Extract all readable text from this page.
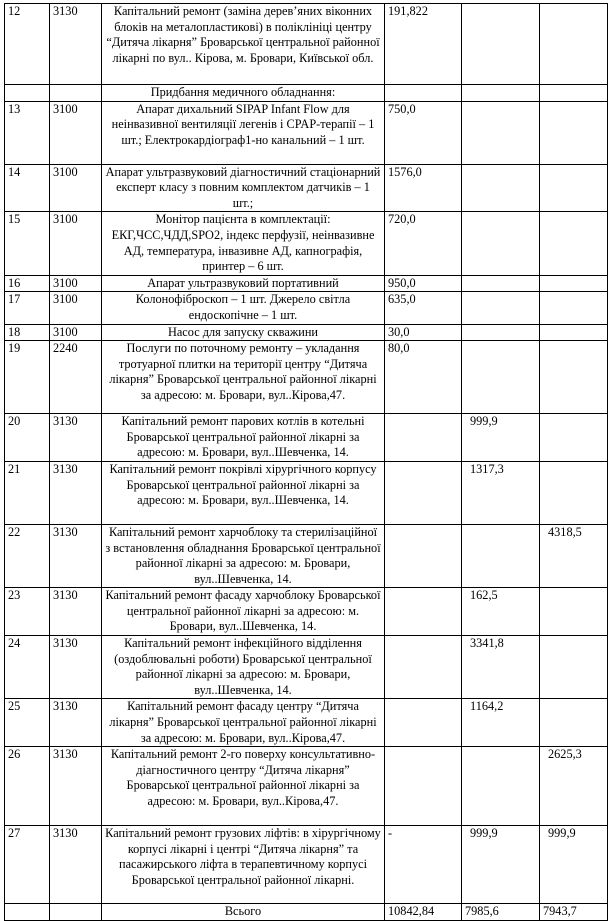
12	3130	Капітальний ремонт (заміна дерев’яних віконних блоків на металопластикові) в поліклініці центру “Дитяча лікарня” Броварської центральної районної лікарні по вул.. Кірова, м. Бровари, Київської обл.	191,822		
		Придбання медичного обладнання:			
13	3100	Апарат дихальний SIPAP Infant Flow для неінвазивної вентиляції легенів і CPAP-терапії – 1 шт.; Електрокардіограф1-но канальний – 1 шт.	750,0		
14	3100	Апарат ультразвуковий діагностичний стаціонарний експерт класу з повним комплектом датчиків – 1 шт.;	1576,0		
15	3100	Монітор пацієнта в комплектації: ЕКГ,ЧСС,ЧДД,SPO2, індекс перфузії, неінвазивне АД, температура, інвазивне АД, капнографія, принтер – 6 шт.	720,0		
16	3100	Апарат ультразвуковий портативний	950,0		
17	3100	Колонофіброскоп – 1 шт. Джерело світла ендоскопічне – 1 шт.	635,0		
18	3100	Насос для запуску скважини	30,0		
19	2240	Послуги по поточному ремонту – укладання тротуарної плитки на території центру “Дитяча лікарня” Броварської центральної районної лікарні за адресою: м. Бровари, вул..Кірова,47.	80,0		
20	3130	Капітальний ремонт парових котлів в котельні Броварської центральної районної лікарні за адресою: м. Бровари, вул..Шевченка, 14.		999,9	
21	3130	Капітальний ремонт покрівлі хірургічного корпусу Броварської центральної районної лікарні за адресою: м. Бровари, вул..Шевченка, 14.		1317,3	
22	3130	Капітальний ремонт харчоблоку та стерилізаційної з встановлення обладнання Броварської центральної районної лікарні за адресою: м. Бровари, вул..Шевченка, 14.			4318,5
23	3130	Капітальний ремонт фасаду харчоблоку Броварської центральної районної лікарні за адресою: м. Бровари, вул..Шевченка, 14.		162,5	
24	3130	Капітальний ремонт інфекційного відділення (оздоблювальні роботи) Броварської центральної районної лікарні за адресою: м. Бровари, вул..Шевченка, 14.		3341,8	
25	3130	Капітальний ремонт фасаду центру “Дитяча лікарня” Броварської центральної районної лікарні за адресою: м. Бровари, вул..Кірова,47.		1164,2	
26	3130	Капітальний ремонт 2-го поверху консультативно-діагностичного центру “Дитяча лікарня” Броварської центральної районної лікарні за адресою: м. Бровари, вул..Кірова,47.			2625,3
27	3130	Капітальний ремонт грузових ліфтів: в хірургічному корпусі лікарні і центрі “Дитяча лікарня” та пасажирського ліфта в терапевтичному корпусі Броварської центральної районної лікарні.	-	999,9	999,9
		Всього	10842,84	7985,6	7943,7
